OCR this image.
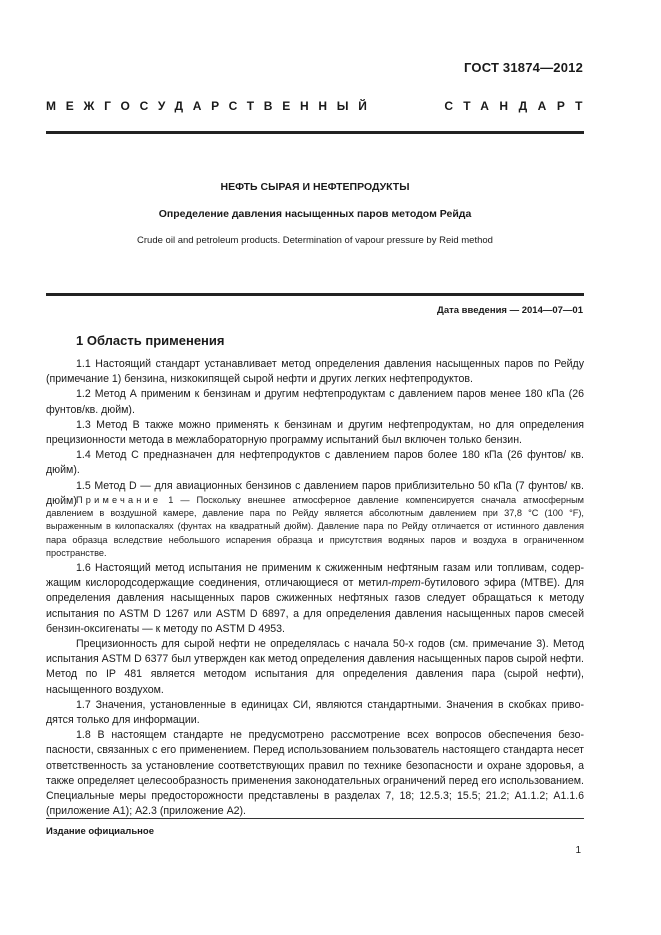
ГОСТ 31874—2012
МЕЖГОСУДАРСТВЕННЫЙ	СТАНДАРТ
НЕФТЬ СЫРАЯ И НЕФТЕПРОДУКТЫ
Определение давления насыщенных паров методом Рейда
Crude oil and petroleum products. Determination of vapour pressure by Reid method
Дата введения — 2014—07—01
1 Область применения

1.1 Настоящий стандарт устанавливает метод определения давления насыщенных паров по Рейду (примечание 1) бензина, низкокипящей сырой нефти и других легких нефтепродуктов.

1.2 Метод А применим к бензинам и другим нефтепродуктам с давлением паров менее 180 кПа (26 фунтов/кв. дюйм).

1.3 Метод В также можно применять к бензинам и другим нефтепродуктам, но для определения прецизионности метода в межлабораторную программу испытаний был включен только бензин.

1.4 Метод С предназначен для нефтепродуктов с давлением паров более 180 кПа (26 фунтов/ кв. дюйм).

1.5 Метод D — для авиационных бензинов с давлением паров приблизительно 50 кПа (7 фунтов/ кв. дюйм) Примечание 1 — Поскольку внешнее атмосферное давление компенсируется сначала атмосферным давлением в воздушной камере, давление пара по Рейду является абсолютным давлением при 37,8 °С (100 °F), выраженным в килопаскалях (фунтах на квадратный дюйм). Давление пара по Рейду отличается от истинного давления пара образца вследствие небольшого испарения образца и присутствия водяных паров и воздуха в ограниченном пространстве.

1.6 Настоящий метод испытания не применим к сжиженным нефтяным газам или топливам, содержащим кислородсодержащие соединения, отличающиеся от метил-трет-бутилового эфира (МТВЕ). Для определения давления насыщенных паров сжиженных нефтяных газов следует обращаться к методу испытания по ASTM D 1267 или ASTM D 6897, а для определения давления насыщенных паров смесей бензин-оксигенаты — к методу по ASTM D 4953.

Прецизионность для сырой нефти не определялась с начала 50-х годов (см. примечание 3). Метод испытания ASTM D 6377 был утвержден как метод определения давления насыщенных паров сырой нефти. Метод по IP 481 является методом испытания для определения давления пара (сырой нефти), насыщенного воздухом.

1.7 Значения, установленные в единицах СИ, являются стандартными. Значения в скобках приводятся только для информации.

1.8 В настоящем стандарте не предусмотрено рассмотрение всех вопросов обеспечения безопасности, связанных с его применением. Перед использованием пользователь настоящего стандарта несет ответственность за установление соответствующих правил по технике безопасности и охране здоровья, а также определяет целесообразность применения законодательных ограничений перед его использованием. Специальные меры предосторожности представлены в разделах 7, 18; 12.5.3; 15.5; 21.2; А1.1.2; А1.1.6 (приложение А1); А2.3 (приложение А2).

Издание официальное
1
